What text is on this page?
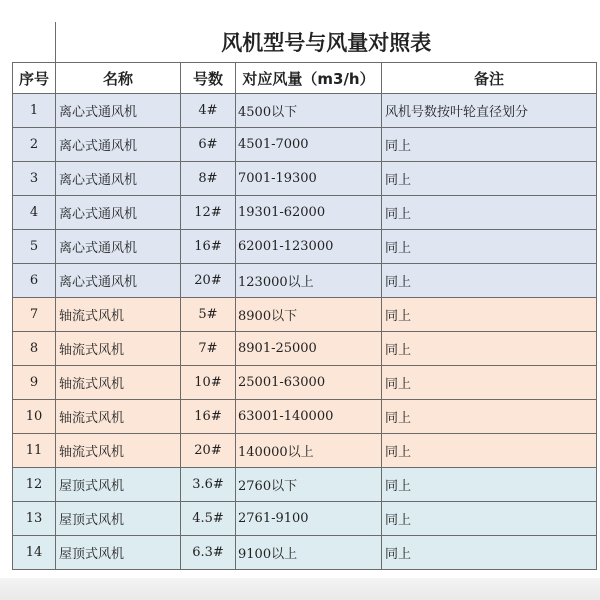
	风机型号与风量对照表			
序号	名称	号数	对应风量（m3/h）	备注
1	离心式通风机	4#	4500以下	风机号数按叶轮直径划分
2	离心式通风机	6#	4501-7000	同上
3	离心式通风机	8#	7001-19300	同上
4	离心式通风机	12#	19301-62000	同上
5	离心式通风机	16#	62001-123000	同上
6	离心式通风机	20#	123000以上	同上
7	轴流式风机	5#	8900以下	同上
8	轴流式风机	7#	8901-25000	同上
9	轴流式风机	10#	25001-63000	同上
10	轴流式风机	16#	63001-140000	同上
11	轴流式风机	20#	140000以上	同上
12	屋顶式风机	3.6#	2760以下	同上
13	屋顶式风机	4.5#	2761-9100	同上
14	屋顶式风机	6.3#	9100以上	同上
